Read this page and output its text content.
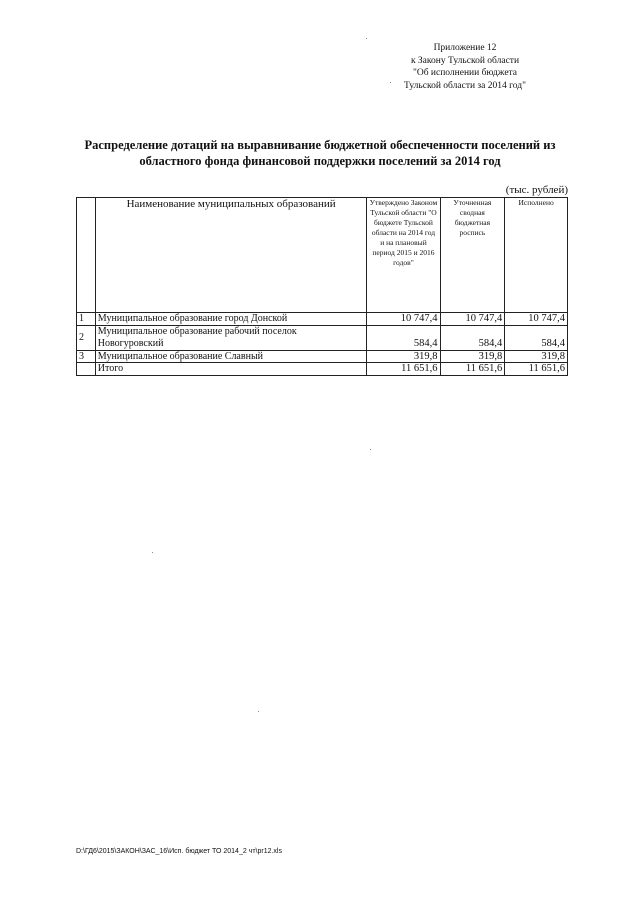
Приложение 12
к Закону Тульской области
"Об исполнении бюджета
Тульской области за 2014 год"
Распределение дотаций на выравнивание бюджетной обеспеченности поселений из
областного фонда финансовой поддержки поселений за 2014 год
(тыс. рублей)
	Наименование муниципальных образований	Утверждено Законом Тульской области "О бюджете Тульской области на 2014 год и на плановый период 2015 и 2016 годов"	Уточненная сводная бюджетная роспись	Исполнено
1	Муниципальное образование город Донской	10 747,4	10 747,4	10 747,4
2	Муниципальное образование рабочий поселок Новогуровский	584,4	584,4	584,4
3	Муниципальное образование Славный	319,8	319,8	319,8
	Итого	11 651,6	11 651,6	11 651,6
D:\ГД6\2015\ЗАКОН\ЗАС_16\Исп. бюджет ТО 2014_2 чт\pr12.xls
